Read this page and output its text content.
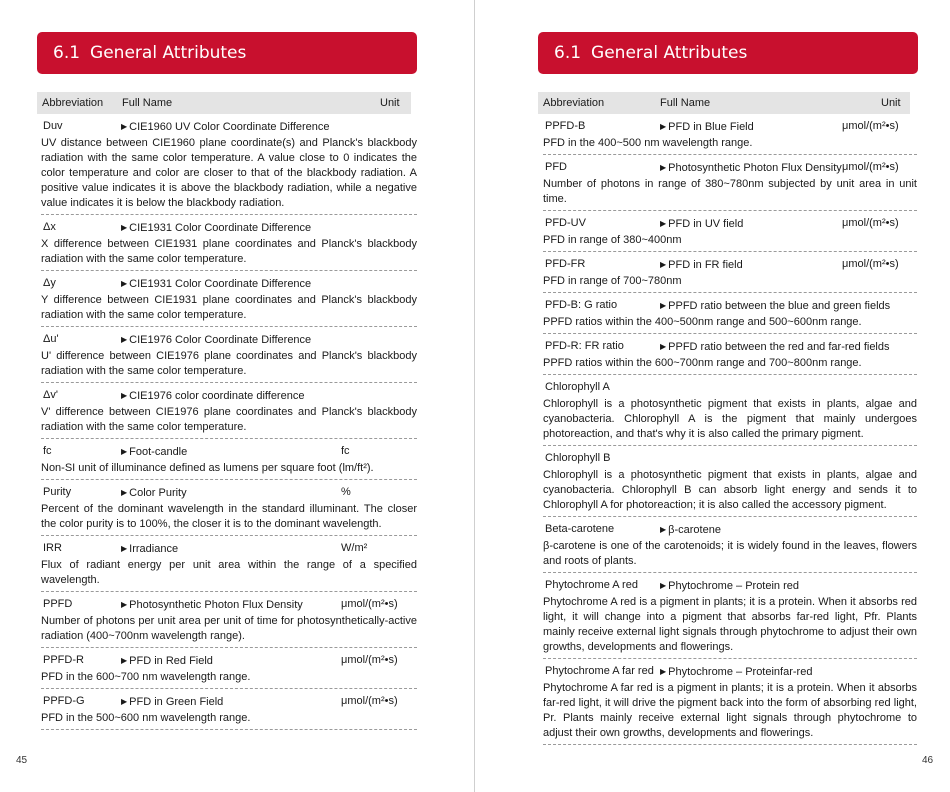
6.1 General Attributes
Abbreviation Full Name	Unit
Duv	▶ CIE1960 UV Color Coordinate Difference
UV distance between CIE1960 plane coordinate(s) and Planck's blackbody radiation with the same color temperature. A value close to 0 indicates the color temperature and color are closer to that of the blackbody radiation. A positive value indicates it is above the blackbody radiation, while a negative value indicates it is below the blackbody radiation.
Δx	▶ CIE1931 Color Coordinate Difference
X difference between CIE1931 plane coordinates and Planck's blackbody radiation with the same color temperature.
Δy	▶ CIE1931 Color Coordinate Difference
Y difference between CIE1931 plane coordinates and Planck's blackbody radiation with the same color temperature.
Δu'	▶ CIE1976 Color Coordinate Difference
U' difference between CIE1976 plane coordinates and Planck's blackbody radiation with the same color temperature.
Δv'	▶ CIE1976 color coordinate difference
V' difference between CIE1976 plane coordinates and Planck's blackbody radiation with the same color temperature.
fc	▶ Foot-candle	fc
Non-SI unit of illuminance defined as lumens per square foot (lm/ft²).
Purity	▶ Color Purity	%
Percent of the dominant wavelength in the standard illuminant. The closer the color purity is to 100%, the closer it is to the dominant wavelength.
IRR	▶ Irradiance	W/m²
Flux of radiant energy per unit area within the range of a specified wavelength.
PPFD	▶ Photosynthetic Photon Flux Density	μmol/(m²•s)
Number of photons per unit area per unit of time for photosynthetically-active radiation (400~700nm wavelength range).
PPFD-R	▶ PFD in Red Field	μmol/(m²•s)
PFD in the 600~700 nm wavelength range.
PPFD-G	▶ PFD in Green Field	μmol/(m²•s)
PFD in the 500~600 nm wavelength range.
45
6.1 General Attributes
Abbreviation	Full Name	Unit
46
PPFD-B	▶ PFD in Blue Field	μmol/(m²•s)
PFD in the 400~500 nm wavelength range.
PFD	▶ Photosynthetic Photon Flux Density μmol/(m²•s)
Number of photons in range of 380~780nm subjected by unit area in unit time.
PFD-UV	▶ PFD in UV field	μmol/(m²•s)
PFD in range of 380~400nm
PFD-FR	▶ PFD in FR field	μmol/(m²•s)
PFD in range of 700~780nm
PFD-B: G ratio	▶ PPFD ratio between the blue and green fields
PPFD ratios within the 400~500nm range and 500~600nm range.
PFD-R: FR ratio	▶ PPFD ratio between the red and far-red fields
PPFD ratios within the 600~700nm range and 700~800nm range.
Chlorophyll A
Chlorophyll is a photosynthetic pigment that exists in plants, algae and cyanobacteria. Chlorophyll A is the pigment that mainly undergoes photoreaction, and that's why it is also called the primary pigment.
Chlorophyll B
Chlorophyll is a photosynthetic pigment that exists in plants, algae and cyanobacteria. Chlorophyll B can absorb light energy and sends it to Chlorophyll A for photoreaction; it is also called the accessory pigment.
Beta-carotene	▶ β-carotene
β-carotene is one of the carotenoids; it is widely found in the leaves, flowers and roots of plants.
Phytochrome A red	▶ Phytochrome – Protein red
Phytochrome A red is a pigment in plants; it is a protein. When it absorbs red light, it will change into a pigment that absorbs far-red light, Pfr. Plants mainly receive external light signals through phytochrome to adjust their own growths, developments and flowerings.
Phytochrome A far red ▶ Phytochrome – Proteinfar-red
Phytochrome A far red is a pigment in plants; it is a protein. When it absorbs far-red light, it will drive the pigment back into the form of absorbing red light, Pr. Plants mainly receive external light signals through phytochrome to adjust their own growths, developments and flowerings.
